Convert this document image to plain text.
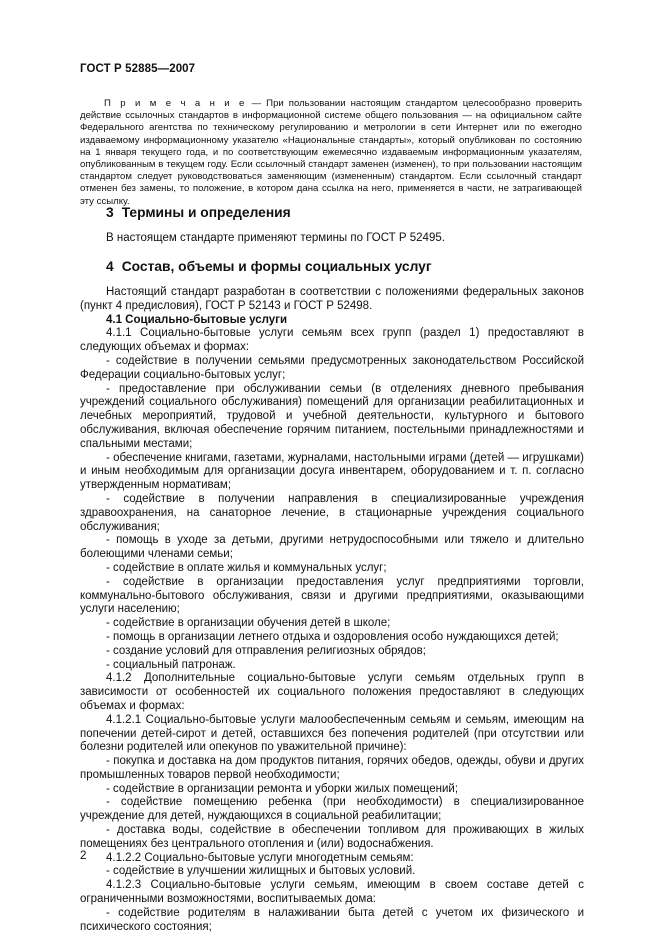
ГОСТ Р 52885—2007
П р и м е ч а н и е — При пользовании настоящим стандартом целесообразно проверить действие ссылочных стандартов в информационной системе общего пользования — на официальном сайте Федерального агентства по техническому регулированию и метрологии в сети Интернет или по ежегодно издаваемому информационному указателю «Национальные стандарты», который опубликован по состоянию на 1 января текущего года, и по соответствующим ежемесячно издаваемым информационным указателям, опубликованным в текущем году. Если ссылочный стандарт заменен (изменен), то при пользовании настоящим стандартом следует руководствоваться заменяющим (измененным) стандартом. Если ссылочный стандарт отменен без замены, то положение, в котором дана ссылка на него, применяется в части, не затрагивающей эту ссылку.
3 Термины и определения
В настоящем стандарте применяют термины по ГОСТ Р 52495.
4 Состав, объемы и формы социальных услуг

Настоящий стандарт разработан в соответствии с положениями федеральных законов (пункт 4 предисловия), ГОСТ Р 52143 и ГОСТ Р 52498.

4.1 Социально-бытовые услуги

4.1.1 Социально-бытовые услуги семьям всех групп (раздел 1) предоставляют в следующих объемах и формах:

- содействие в получении семьями предусмотренных законодательством Российской Федерации социально-бытовых услуг;

- предоставление при обслуживании семьи (в отделениях дневного пребывания учреждений социального обслуживания) помещений для организации реабилитационных и лечебных мероприятий, трудовой и учебной деятельности, культурного и бытового обслуживания, включая обеспечение горячим питанием, постельными принадлежностями и спальными местами;

- обеспечение книгами, газетами, журналами, настольными играми (детей — игрушками) и иным необходимым для организации досуга инвентарем, оборудованием и т. п. согласно утвержденным нормативам;

- содействие в получении направления в специализированные учреждения здравоохранения, на санаторное лечение, в стационарные учреждения социального обслуживания;

- помощь в уходе за детьми, другими нетрудоспособными или тяжело и длительно болеющими членами семьи;

- содействие в оплате жилья и коммунальных услуг;

- содействие в организации предоставления услуг предприятиями торговли, коммунально-бытового обслуживания, связи и другими предприятиями, оказывающими услуги населению;

- содействие в организации обучения детей в школе;

- помощь в организации летнего отдыха и оздоровления особо нуждающихся детей;

- создание условий для отправления религиозных обрядов;

- социальный патронаж.

4.1.2 Дополнительные социально-бытовые услуги семьям отдельных групп в зависимости от особенностей их социального положения предоставляют в следующих объемах и формах:

4.1.2.1 Социально-бытовые услуги малообеспеченным семьям и семьям, имеющим на попечении детей-сирот и детей, оставшихся без попечения родителей (при отсутствии или болезни родителей или опекунов по уважительной причине):

- покупка и доставка на дом продуктов питания, горячих обедов, одежды, обуви и других промышленных товаров первой необходимости;

- содействие в организации ремонта и уборки жилых помещений;

- содействие помещению ребенка (при необходимости) в специализированное учреждение для детей, нуждающихся в социальной реабилитации;

- доставка воды, содействие в обеспечении топливом для проживающих в жилых помещениях без центрального отопления и (или) водоснабжения.

4.1.2.2 Социально-бытовые услуги многодетным семьям:

- содействие в улучшении жилищных и бытовых условий.

4.1.2.3 Социально-бытовые услуги семьям, имеющим в своем составе детей с ограниченными возможностями, воспитываемых дома:

- содействие родителям в налаживании быта детей с учетом их физического и психического состояния;

2
